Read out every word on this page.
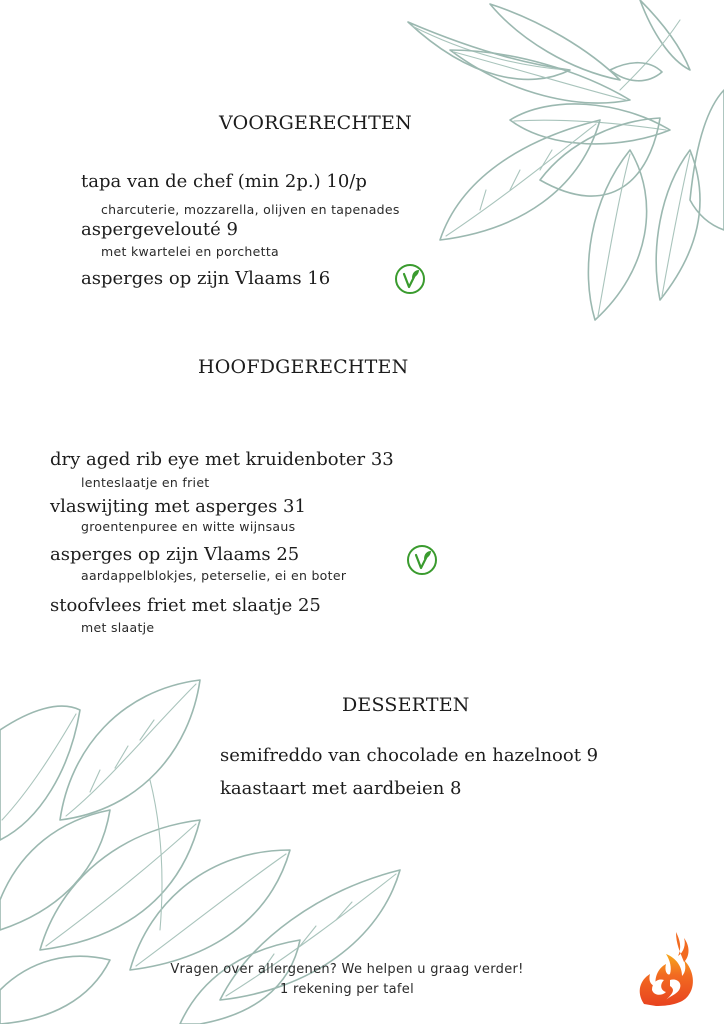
VOORGERECHTEN
tapa van de chef (min 2p.) 10/p
charcuterie, mozzarella, olijven en tapenades
aspergevelouté 9
met kwartelei en porchetta
asperges op zijn Vlaams 16
HOOFDGERECHTEN
dry aged rib eye met kruidenboter 33
lenteslaatje en friet
vlaswijting met asperges 31
groentenpuree en witte wijnsaus
asperges op zijn Vlaams 25
aardappelblokjes, peterselie, ei en boter
stoofvlees friet met slaatje 25
met slaatje
DESSERTEN
semifreddo van chocolade en hazelnoot 9
kaastaart met aardbeien 8
Vragen over allergenen? We helpen u graag verder!
1 rekening per tafel
